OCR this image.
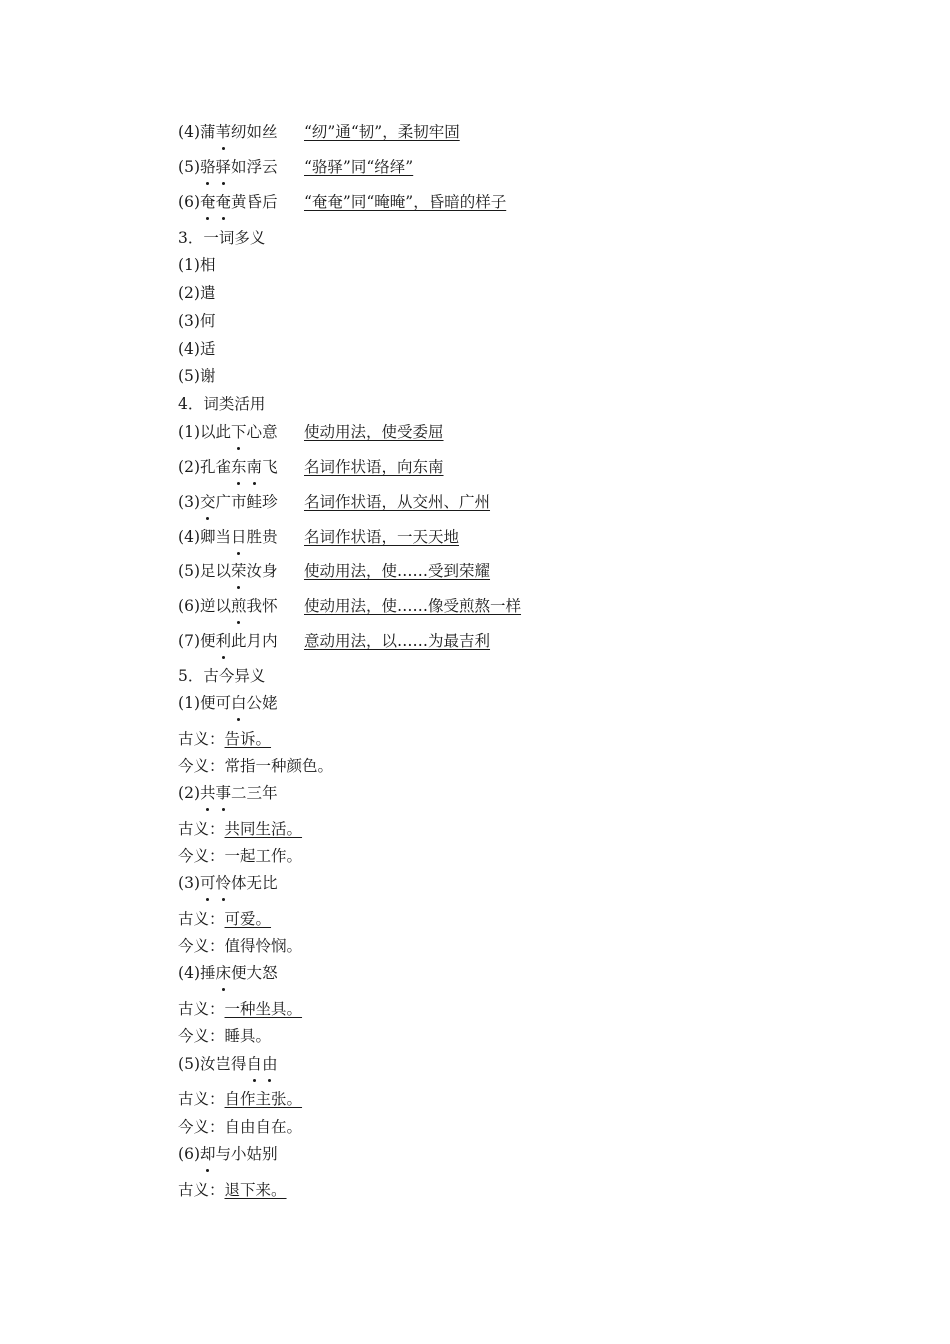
(4)蒲苇纫如丝 “纫”通“韧”，柔韧牢固
(5)骆驿如浮云 “骆驿”同“络绎”
(6)奄奄黄昏后 “奄奄”同“晻晻”，昏暗的样子
3．一词多义
(1)相
(2)遣
(3)何
(4)适
(5)谢
4．词类活用
(1)以此下心意 使动用法，使受委屈
(2)孔雀东南飞 名词作状语，向东南
(3)交广市鲑珍 名词作状语，从交州、广州
(4)卿当日胜贵 名词作状语，一天天地
(5)足以荣汝身 使动用法，使……受到荣耀
(6)逆以煎我怀 使动用法，使……像受煎熬一样
(7)便利此月内 意动用法，以……为最吉利
5．古今异义
(1)便可白公姥
古义：告诉。
今义：常指一种颜色。
(2)共事二三年
古义：共同生活。
今义：一起工作。
(3)可怜体无比
古义：可爱。
今义：值得怜悯。
(4)捶床便大怒
古义：一种坐具。
今义：睡具。
(5)汝岂得自由
古义：自作主张。
今义：自由自在。
(6)却与小姑别
古义：退下来。
